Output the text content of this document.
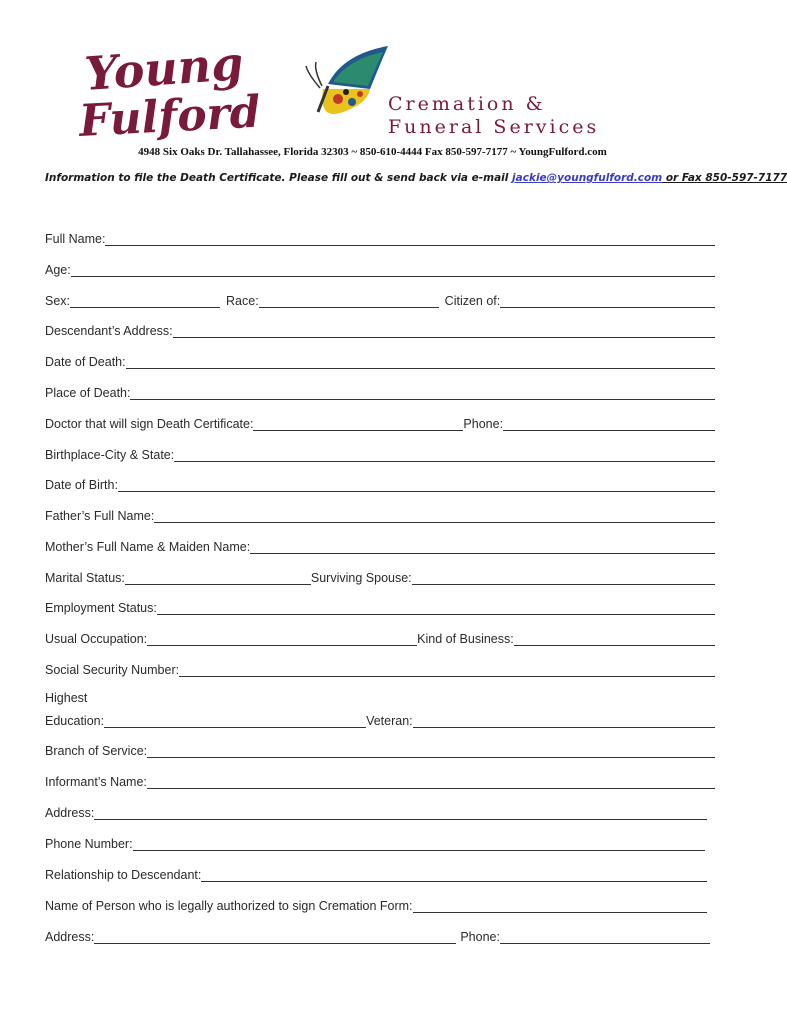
Young
Fulford	Cremation &
Funeral Services
4948 Six Oaks Dr. Tallahassee, Florida 32303 ~ 850-610-4444 Fax 850-597-7177 ~ YoungFulford.com
Information to file the Death Certificate. Please fill out & send back via e-mail jackie@youngfulford.com or Fax 850-597-7177
Full Name:
Age:
Sex:	Race:	Citizen of:
Descendant’s Address:
Date of Death:
Place of Death:
Doctor that will sign Death Certificate:	Phone:
Birthplace-City & State:
Date of Birth:
Father’s Full Name:
Mother’s Full Name & Maiden Name:
Marital Status:	Surviving Spouse:
Employment Status:
Usual Occupation:	Kind of Business:
Social Security Number:
Highest
Education:	Veteran:
Branch of Service:
Informant’s Name:
Address:
Phone Number:
Relationship to Descendant:
Name of Person who is legally authorized to sign Cremation Form:
Address:	Phone:
